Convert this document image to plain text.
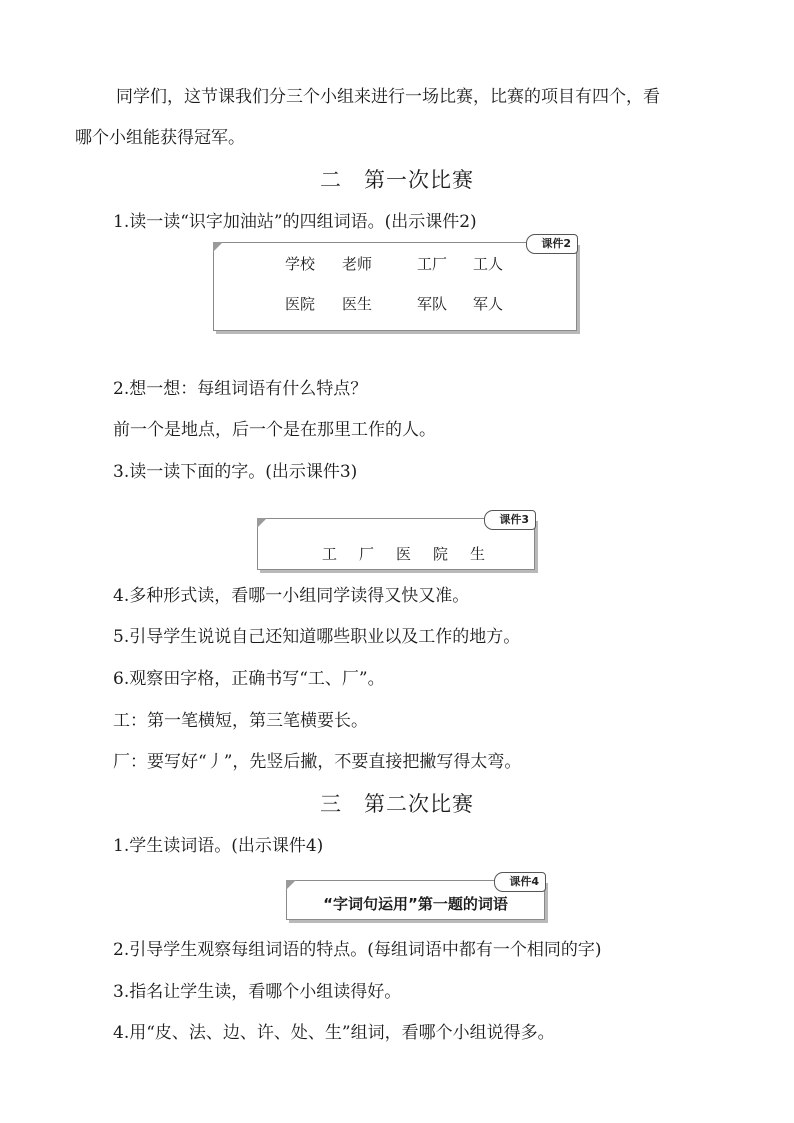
同学们，这节课我们分三个小组来进行一场比赛，比赛的项目有四个，看
哪个小组能获得冠军。
二　第一次比赛
1.读一读“识字加油站”的四组词语。(出示课件2)
课件2
学校 老师	工厂 工人
医院 医生	军队 军人
2.想一想：每组词语有什么特点？
前一个是地点，后一个是在那里工作的人。
3.读一读下面的字。(出示课件3)
课件3
工厂医院生
4.多种形式读，看哪一小组同学读得又快又准。
5.引导学生说说自己还知道哪些职业以及工作的地方。
6.观察田字格，正确书写“工、厂”。
工：第一笔横短，第三笔横要长。
厂：要写好“丿”，先竖后撇，不要直接把撇写得太弯。
三　第二次比赛
1.学生读词语。(出示课件4)
课件4
“字词句运用”第一题的词语
2.引导学生观察每组词语的特点。(每组词语中都有一个相同的字)
3.指名让学生读，看哪个小组读得好。
4.用“皮、法、边、许、处、生”组词，看哪个小组说得多。
